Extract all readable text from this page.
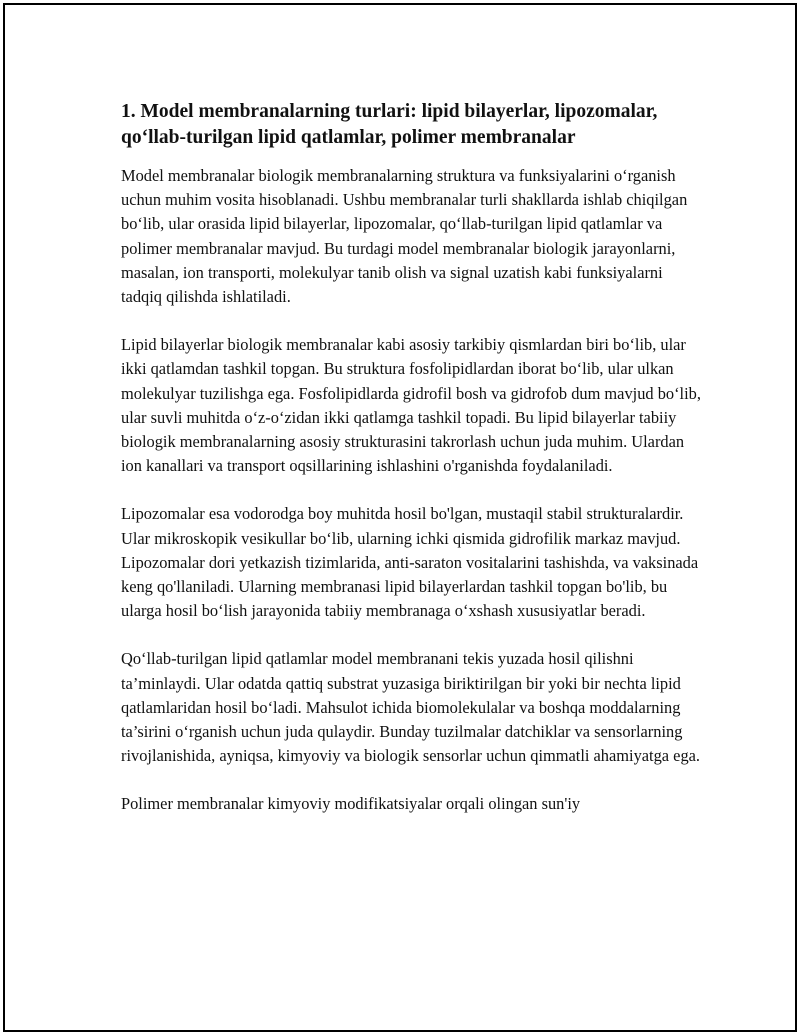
1. Model membranalarning turlari: lipid bilayerlar, lipozomalar, qo‘llab-turilgan lipid qatlamlar, polimer membranalar

Model membranalar biologik membranalarning struktura va funksiyalarini o‘rganish uchun muhim vosita hisoblanadi. Ushbu membranalar turli shakllarda ishlab chiqilgan bo‘lib, ular orasida lipid bilayerlar, lipozomalar, qo‘llab-turilgan lipid qatlamlar va polimer membranalar mavjud. Bu turdagi model membranalar biologik jarayonlarni, masalan, ion transporti, molekulyar tanib olish va signal uzatish kabi funksiyalarni tadqiq qilishda ishlatiladi.

Lipid bilayerlar biologik membranalar kabi asosiy tarkibiy qismlardan biri bo‘lib, ular ikki qatlamdan tashkil topgan. Bu struktura fosfolipidlardan iborat bo‘lib, ular ulkan molekulyar tuzilishga ega. Fosfolipidlarda gidrofil bosh va gidrofob dum mavjud bo‘lib, ular suvli muhitda o‘z-o‘zidan ikki qatlamga tashkil topadi. Bu lipid bilayerlar tabiiy biologik membranalarning asosiy strukturasini takrorlash uchun juda muhim. Ulardan ion kanallari va transport oqsillarining ishlashini o'rganishda foydalaniladi.

Lipozomalar esa vodorodga boy muhitda hosil bo'lgan, mustaqil stabil strukturalardir. Ular mikroskopik vesikullar bo‘lib, ularning ichki qismida gidrofilik markaz mavjud. Lipozomalar dori yetkazish tizimlarida, anti-saraton vositalarini tashishda, va vaksinada keng qo'llaniladi. Ularning membranasi lipid bilayerlardan tashkil topgan bo'lib, bu ularga hosil bo‘lish jarayonida tabiiy membranaga o‘xshash xususiyatlar beradi.

Qo‘llab-turilgan lipid qatlamlar model membranani tekis yuzada hosil qilishni ta’minlaydi. Ular odatda qattiq substrat yuzasiga biriktirilgan bir yoki bir nechta lipid qatlamlaridan hosil bo‘ladi. Mahsulot ichida biomolekulalar va boshqa moddalarning ta’sirini o‘rganish uchun juda qulaydir. Bunday tuzilmalar datchiklar va sensorlarning rivojlanishida, ayniqsa, kimyoviy va biologik sensorlar uchun qimmatli ahamiyatga ega.

Polimer membranalar kimyoviy modifikatsiyalar orqali olingan sun'iy
